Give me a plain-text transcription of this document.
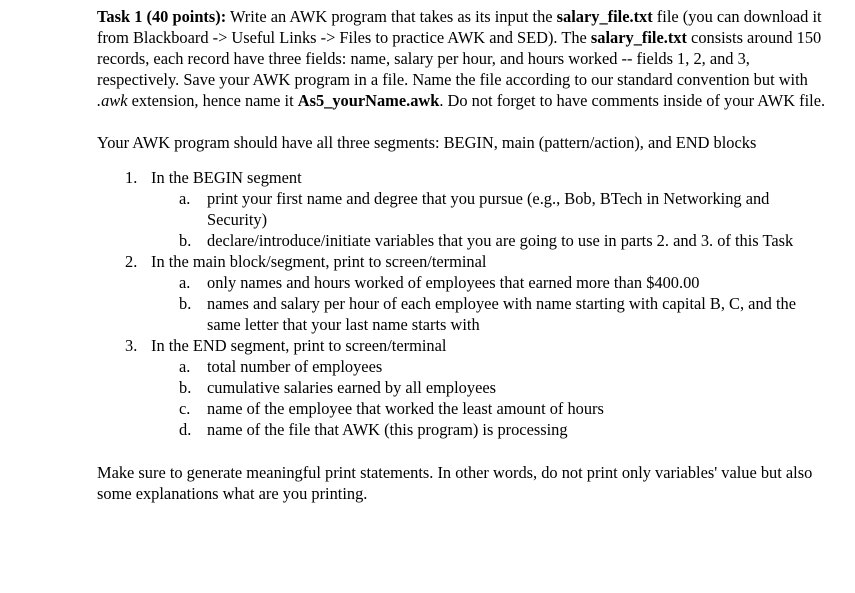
Task 1 (40 points): Write an AWK program that takes as its input the salary_file.txt file (you can download it from Blackboard -> Useful Links -> Files to practice AWK and SED). The salary_file.txt consists around 150 records, each record have three fields: name, salary per hour, and hours worked -- fields 1, 2, and 3, respectively. Save your AWK program in a file. Name the file according to our standard convention but with .awk extension, hence name it As5_yourName.awk. Do not forget to have comments inside of your AWK file.

Your AWK program should have all three segments: BEGIN, main (pattern/action), and END blocks

1. In the BEGIN segment
a. print your first name and degree that you pursue (e.g., Bob, BTech in Networking and Security)
b. declare/introduce/initiate variables that you are going to use in parts 2. and 3. of this Task
2. In the main block/segment, print to screen/terminal
a. only names and hours worked of employees that earned more than $400.00
b. names and salary per hour of each employee with name starting with capital B, C, and the same letter that your last name starts with
3. In the END segment, print to screen/terminal
a. total number of employees
b. cumulative salaries earned by all employees
c. name of the employee that worked the least amount of hours
d. name of the file that AWK (this program) is processing

Make sure to generate meaningful print statements. In other words, do not print only variables' value but also some explanations what are you printing.
